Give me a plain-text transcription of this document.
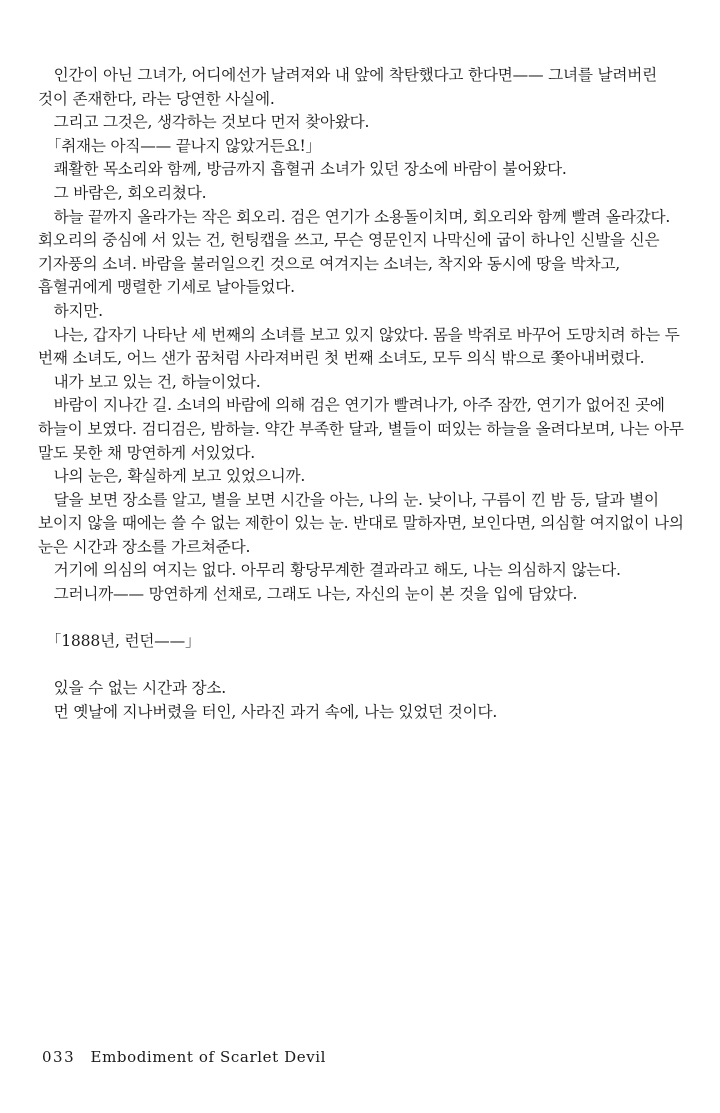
인간이 아닌 그녀가, 어디에선가 날려져와 내 앞에 착탄했다고 한다면—— 그녀를 날려버린 것이 존재한다, 라는 당연한 사실에.

그리고 그것은, 생각하는 것보다 먼저 찾아왔다.

「취재는 아직—— 끝나지 않았거든요!」

쾌활한 목소리와 함께, 방금까지 흡혈귀 소녀가 있던 장소에 바람이 불어왔다.

그 바람은, 회오리쳤다.

하늘 끝까지 올라가는 작은 회오리. 검은 연기가 소용돌이치며, 회오리와 함께 빨려 올라갔다. 회오리의 중심에 서 있는 건, 헌팅캡을 쓰고, 무슨 영문인지 나막신에 굽이 하나인 신발을 신은 기자풍의 소녀. 바람을 불러일으킨 것으로 여겨지는 소녀는, 착지와 동시에 땅을 박차고, 흡혈귀에게 맹렬한 기세로 날아들었다.

하지만.

나는, 갑자기 나타난 세 번째의 소녀를 보고 있지 않았다. 몸을 박쥐로 바꾸어 도망치려 하는 두 번째 소녀도, 어느 샌가 꿈처럼 사라져버린 첫 번째 소녀도, 모두 의식 밖으로 쫓아내버렸다.

내가 보고 있는 건, 하늘이었다.

바람이 지나간 길. 소녀의 바람에 의해 검은 연기가 빨려나가, 아주 잠깐, 연기가 없어진 곳에 하늘이 보였다. 검디검은, 밤하늘. 약간 부족한 달과, 별들이 떠있는 하늘을 올려다보며, 나는 아무 말도 못한 채 망연하게 서있었다.

나의 눈은, 확실하게 보고 있었으니까.

달을 보면 장소를 알고, 별을 보면 시간을 아는, 나의 눈. 낮이나, 구름이 낀 밤 등, 달과 별이 보이지 않을 때에는 쓸 수 없는 제한이 있는 눈. 반대로 말하자면, 보인다면, 의심할 여지없이 나의 눈은 시간과 장소를 가르쳐준다.

거기에 의심의 여지는 없다. 아무리 황당무계한 결과라고 해도, 나는 의심하지 않는다.

그러니까—— 망연하게 선채로, 그래도 나는, 자신의 눈이 본 것을 입에 담았다.

「1888년, 런던——」

있을 수 없는 시간과 장소.

먼 옛날에 지나버렸을 터인, 사라진 과거 속에, 나는 있었던 것이다.

033 Embodiment of Scarlet Devil
